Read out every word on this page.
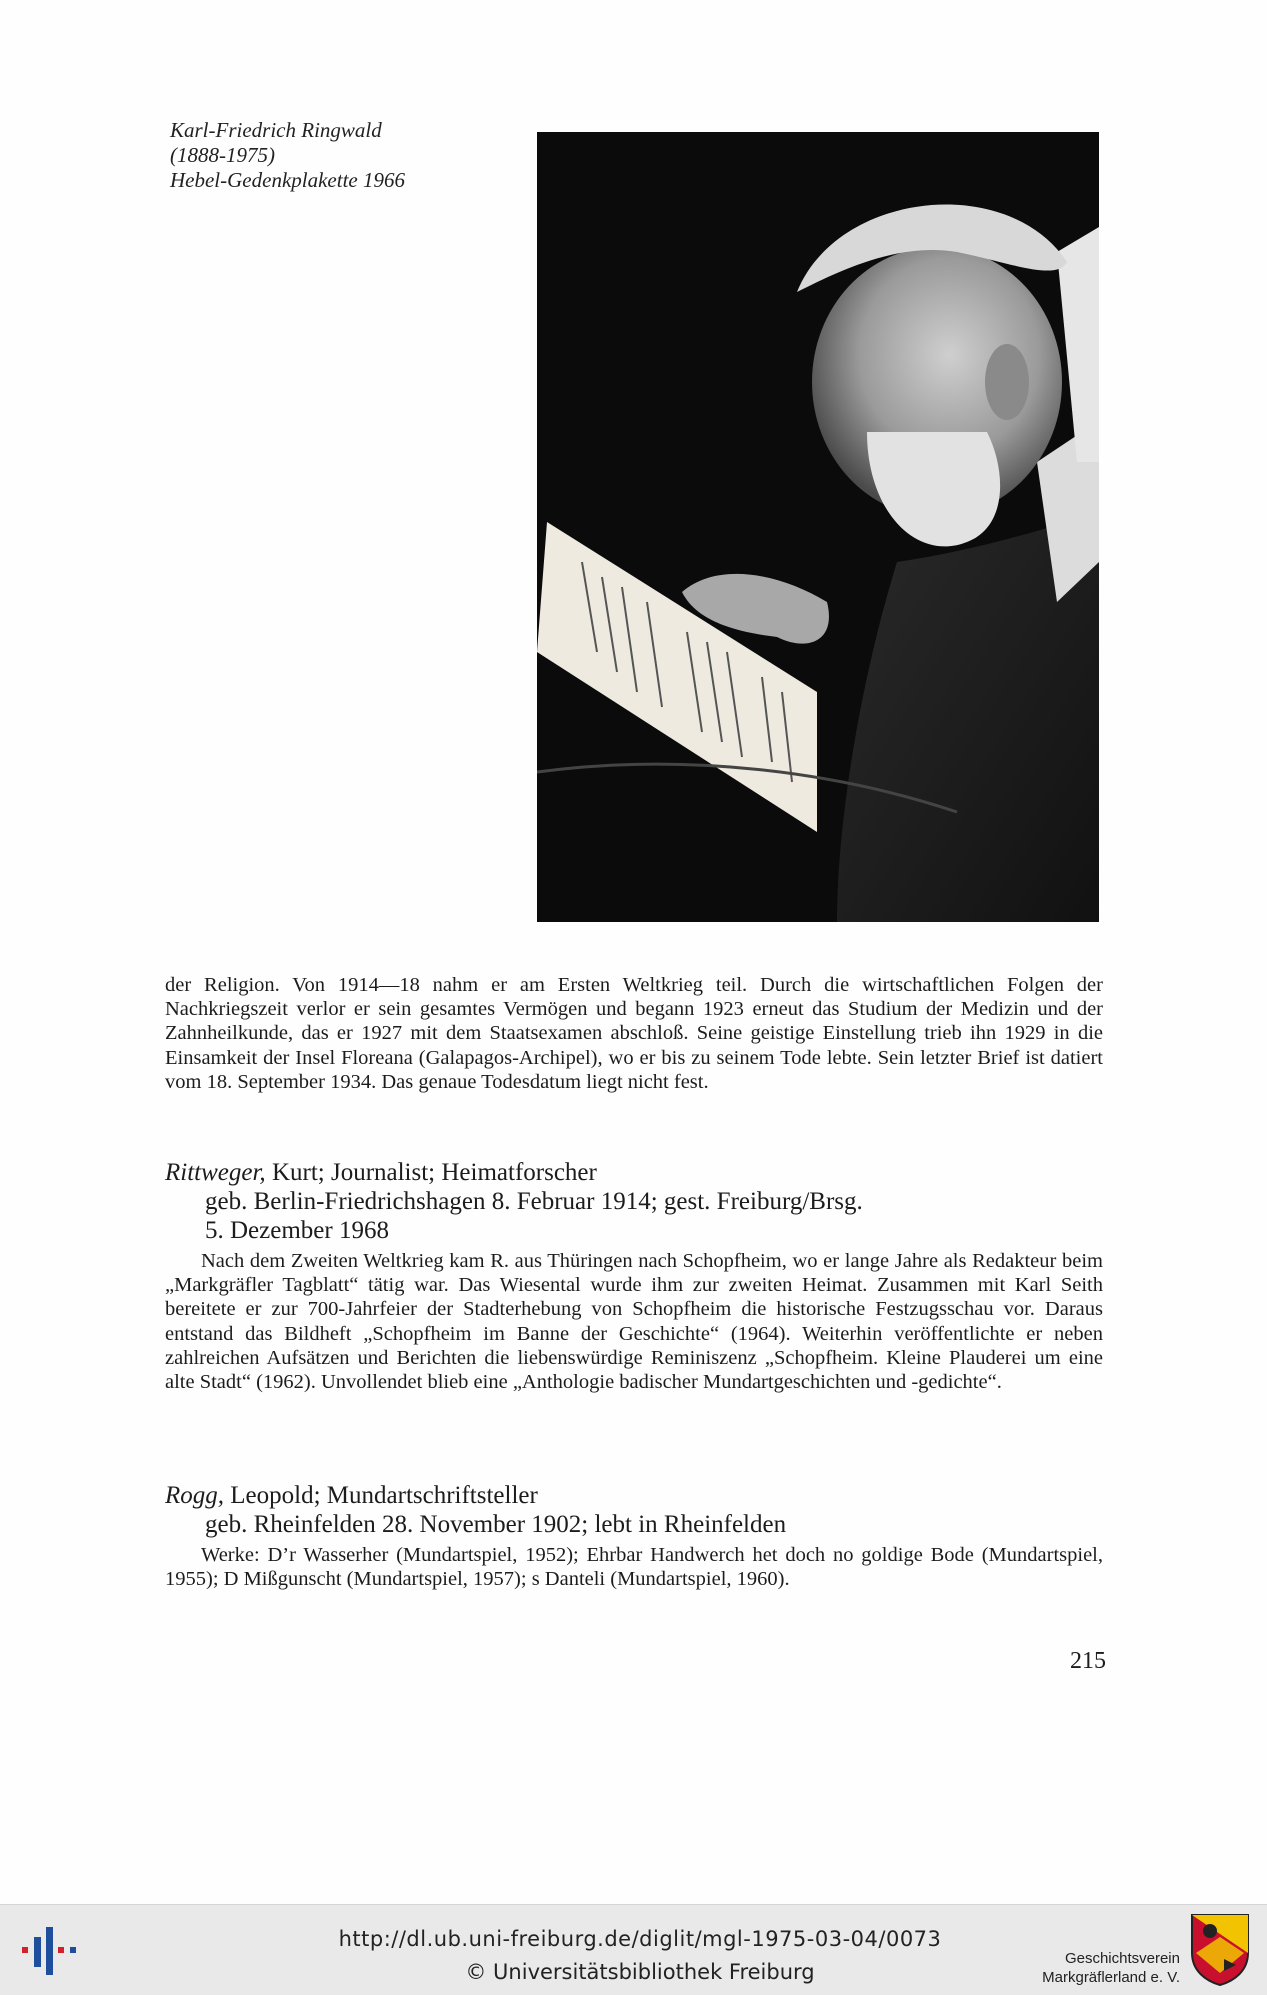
Karl-Friedrich Ringwald
(1888-1975)
Hebel-Gedenkplakette 1966
der Religion. Von 1914—18 nahm er am Ersten Weltkrieg teil. Durch die wirtschaftlichen Folgen der Nachkriegszeit verlor er sein gesamtes Vermögen und begann 1923 erneut das Studium der Medizin und der Zahnheilkunde, das er 1927 mit dem Staatsexamen abschloß. Seine geistige Einstellung trieb ihn 1929 in die Einsamkeit der Insel Floreana (Galapagos-Archipel), wo er bis zu seinem Tode lebte. Sein letzter Brief ist datiert vom 18. September 1934. Das genaue Todesdatum liegt nicht fest.
Rittweger, Kurt; Journalist; Heimatforscher
geb. Berlin-Friedrichshagen 8. Februar 1914; gest. Freiburg/Brsg.
5. Dezember 1968
Nach dem Zweiten Weltkrieg kam R. aus Thüringen nach Schopfheim, wo er lange Jahre als Redakteur beim „Markgräfler Tagblatt“ tätig war. Das Wiesental wurde ihm zur zweiten Heimat. Zusammen mit Karl Seith bereitete er zur 700-Jahrfeier der Stadterhebung von Schopfheim die historische Festzugsschau vor. Daraus entstand das Bildheft „Schopfheim im Banne der Geschichte“ (1964). Weiterhin veröffentlichte er neben zahlreichen Aufsätzen und Berichten die liebenswürdige Reminiszenz „Schopfheim. Kleine Plauderei um eine alte Stadt“ (1962). Unvollendet blieb eine „Anthologie badischer Mundartgeschichten und -gedichte“.
Rogg, Leopold; Mundartschriftsteller
geb. Rheinfelden 28. November 1902; lebt in Rheinfelden
Werke: D’r Wasserher (Mundartspiel, 1952); Ehrbar Handwerch het doch no goldige Bode (Mundartspiel, 1955); D Mißgunscht (Mundartspiel, 1957); s Danteli (Mundartspiel, 1960).
215
http://dl.ub.uni-freiburg.de/diglit/mgl-1975-03-04/0073
© Universitätsbibliothek Freiburg
Geschichtsverein
Markgräflerland e. V.
